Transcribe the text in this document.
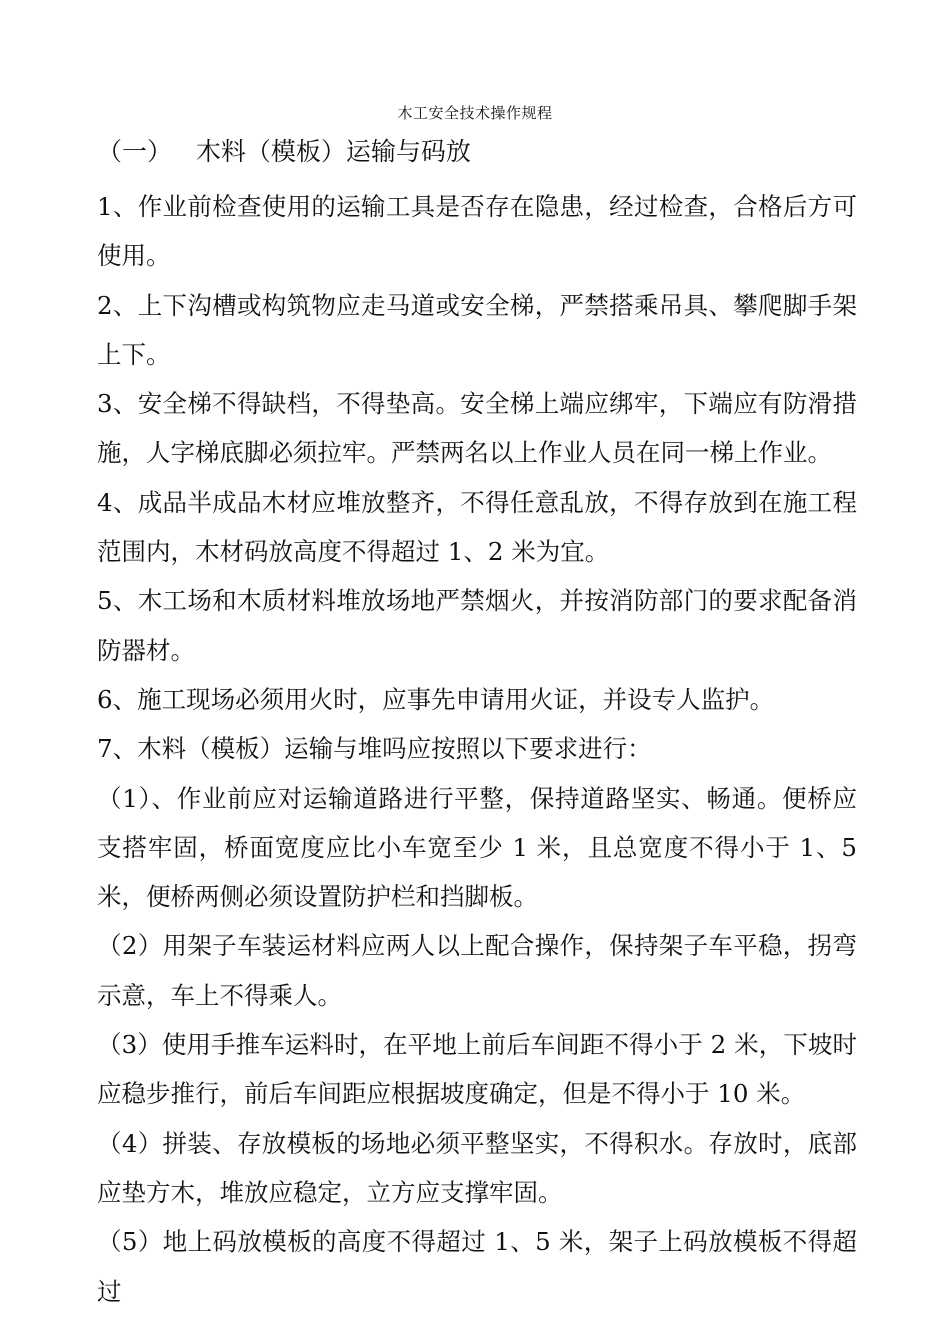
木工安全技术操作规程
（一）   木料（模板）运输与码放

1、作业前检查使用的运输工具是否存在隐患，经过检查，合格后方可使用。

2、上下沟槽或构筑物应走马道或安全梯，严禁搭乘吊具、攀爬脚手架上下。

3、安全梯不得缺档，不得垫高。安全梯上端应绑牢，下端应有防滑措施，人字梯底脚必须拉牢。严禁两名以上作业人员在同一梯上作业。

4、成品半成品木材应堆放整齐，不得任意乱放，不得存放到在施工程范围内，木材码放高度不得超过 1、2 米为宜。

5、木工场和木质材料堆放场地严禁烟火，并按消防部门的要求配备消防器材。

6、施工现场必须用火时，应事先申请用火证，并设专人监护。

7、木料（模板）运输与堆吗应按照以下要求进行：

（1）、作业前应对运输道路进行平整，保持道路坚实、畅通。便桥应支搭牢固，桥面宽度应比小车宽至少 1 米，且总宽度不得小于 1、5 米，便桥两侧必须设置防护栏和挡脚板。

（2）用架子车装运材料应两人以上配合操作，保持架子车平稳，拐弯示意，车上不得乘人。

（3）使用手推车运料时，在平地上前后车间距不得小于 2 米，下坡时应稳步推行，前后车间距应根据坡度确定，但是不得小于 10 米。

（4）拼装、存放模板的场地必须平整坚实，不得积水。存放时，底部应垫方木，堆放应稳定，立方应支撑牢固。

（5）地上码放模板的高度不得超过 1、5 米，架子上码放模板不得超过
